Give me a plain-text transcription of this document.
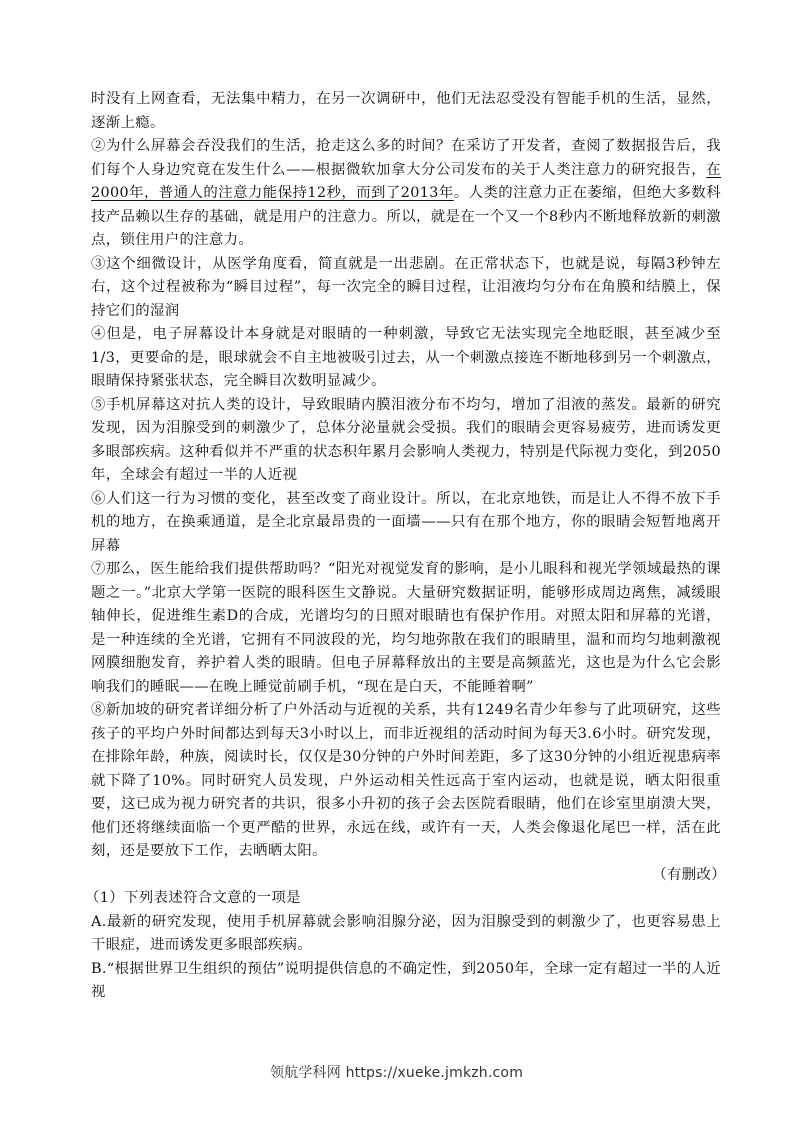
时没有上网查看，无法集中精力，在另一次调研中，他们无法忍受没有智能手机的生活，显然，逐渐上瘾。

②为什么屏幕会吞没我们的生活，抢走这么多的时间？在采访了开发者，查阅了数据报告后，我们每个人身边究竟在发生什么——根据微软加拿大分公司发布的关于人类注意力的研究报告，在2000年，普通人的注意力能保持12秒，而到了2013年。人类的注意力正在萎缩，但绝大多数科技产品赖以生存的基础，就是用户的注意力。所以，就是在一个又一个8秒内不断地释放新的刺激点，锁住用户的注意力。

③这个细微设计，从医学角度看，简直就是一出悲剧。在正常状态下，也就是说，每隔3秒钟左右，这个过程被称为“瞬目过程”，每一次完全的瞬目过程，让泪液均匀分布在角膜和结膜上，保持它们的湿润

④但是，电子屏幕设计本身就是对眼睛的一种刺激，导致它无法实现完全地眨眼，甚至减少至1/3，更要命的是，眼球就会不自主地被吸引过去，从一个刺激点接连不断地移到另一个刺激点，眼睛保持紧张状态，完全瞬目次数明显减少。

⑤手机屏幕这对抗人类的设计，导致眼睛内膜泪液分布不均匀，增加了泪液的蒸发。最新的研究发现，因为泪腺受到的刺激少了，总体分泌量就会受损。我们的眼睛会更容易疲劳，进而诱发更多眼部疾病。这种看似并不严重的状态积年累月会影响人类视力，特别是代际视力变化，到2050年，全球会有超过一半的人近视

⑥人们这一行为习惯的变化，甚至改变了商业设计。所以，在北京地铁，而是让人不得不放下手机的地方，在换乘通道，是全北京最昂贵的一面墙——只有在那个地方，你的眼睛会短暂地离开屏幕

⑦那么，医生能给我们提供帮助吗？“阳光对视觉发育的影响，是小儿眼科和视光学领域最热的课题之一。”北京大学第一医院的眼科医生文静说。大量研究数据证明，能够形成周边离焦，减缓眼轴伸长，促进维生素D的合成，光谱均匀的日照对眼睛也有保护作用。对照太阳和屏幕的光谱，是一种连续的全光谱，它拥有不同波段的光，均匀地弥散在我们的眼睛里，温和而均匀地刺激视网膜细胞发育，养护着人类的眼睛。但电子屏幕释放出的主要是高频蓝光，这也是为什么它会影响我们的睡眠——在晚上睡觉前刷手机，“现在是白天，不能睡着啊”

⑧新加坡的研究者详细分析了户外活动与近视的关系，共有1249名青少年参与了此项研究，这些孩子的平均户外时间都达到每天3小时以上，而非近视组的活动时间为每天3.6小时。研究发现，在排除年龄，种族，阅读时长，仅仅是30分钟的户外时间差距，多了这30分钟的小组近视患病率就下降了10%。同时研究人员发现，户外运动相关性远高于室内运动，也就是说，晒太阳很重要，这已成为视力研究者的共识，很多小升初的孩子会去医院看眼睛，他们在诊室里崩溃大哭，他们还将继续面临一个更严酷的世界，永远在线，或许有一天，人类会像退化尾巴一样，活在此刻，还是要放下工作，去晒晒太阳。

（有删改）

（1）下列表述符合文意的一项是

A.最新的研究发现，使用手机屏幕就会影响泪腺分泌，因为泪腺受到的刺激少了，也更容易患上干眼症，进而诱发更多眼部疾病。

B.“根据世界卫生组织的预估”说明提供信息的不确定性，到2050年，全球一定有超过一半的人近视

领航学科网 https://xueke.jmkzh.com
